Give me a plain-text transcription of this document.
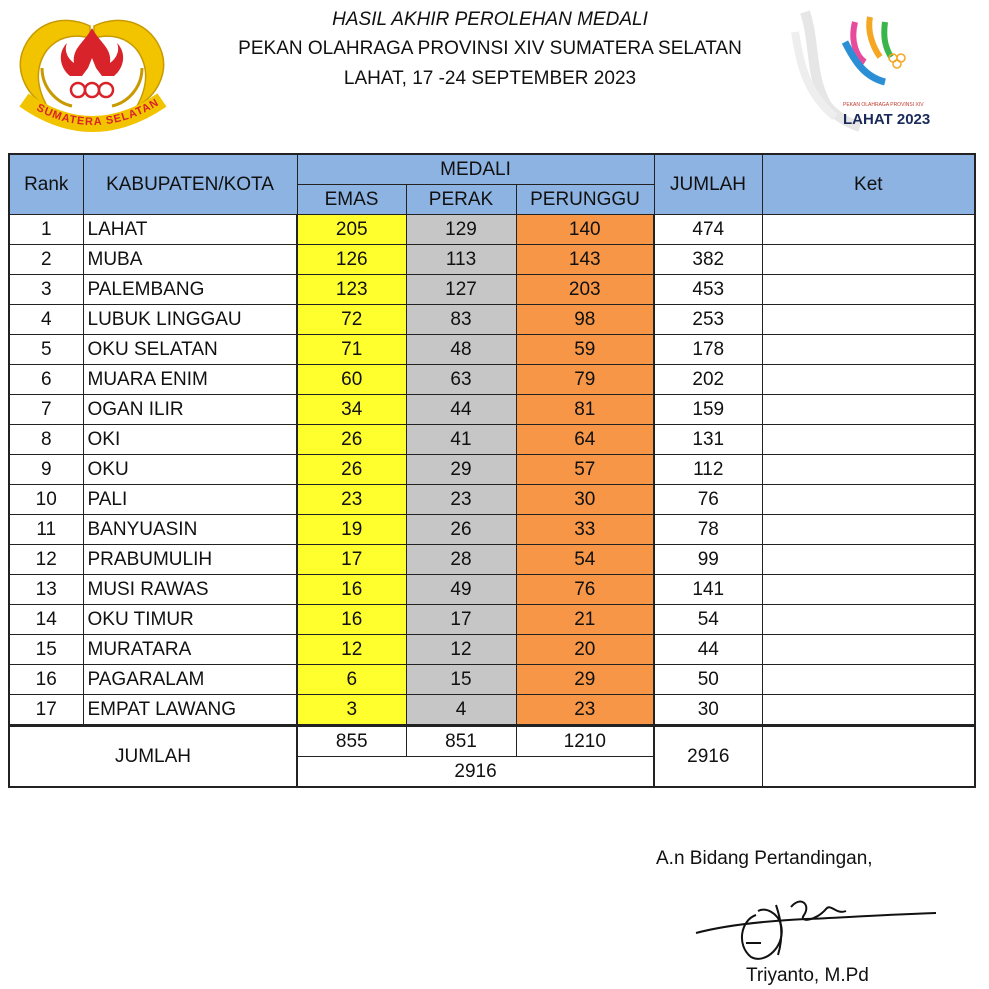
SUMATERA SELATAN
HASIL AKHIR PEROLEHAN MEDALI
PEKAN OLAHRAGA PROVINSI XIV SUMATERA SELATAN
LAHAT, 17 -24 SEPTEMBER 2023
PEKAN OLAHRAGA PROVINSI XIV
LAHAT 2023
Rank	KABUPATEN/KOTA	MEDALI			JUMLAH	Ket
		EMAS	PERAK	PERUNGGU		
1	LAHAT	205	129	140	474	
2	MUBA	126	113	143	382	
3	PALEMBANG	123	127	203	453	
4	LUBUK LINGGAU	72	83	98	253	
5	OKU SELATAN	71	48	59	178	
6	MUARA ENIM	60	63	79	202	
7	OGAN ILIR	34	44	81	159	
8	OKI	26	41	64	131	
9	OKU	26	29	57	112	
10	PALI	23	23	30	76	
11	BANYUASIN	19	26	33	78	
12	PRABUMULIH	17	28	54	99	
13	MUSI RAWAS	16	49	76	141	
14	OKU TIMUR	16	17	21	54	
15	MURATARA	12	12	20	44	
16	PAGARALAM	6	15	29	50	
17	EMPAT LAWANG	3	4	23	30	
JUMLAH		855	851	1210	2916	
		2916				
A.n Bidang Pertandingan,
Triyanto, M.Pd
